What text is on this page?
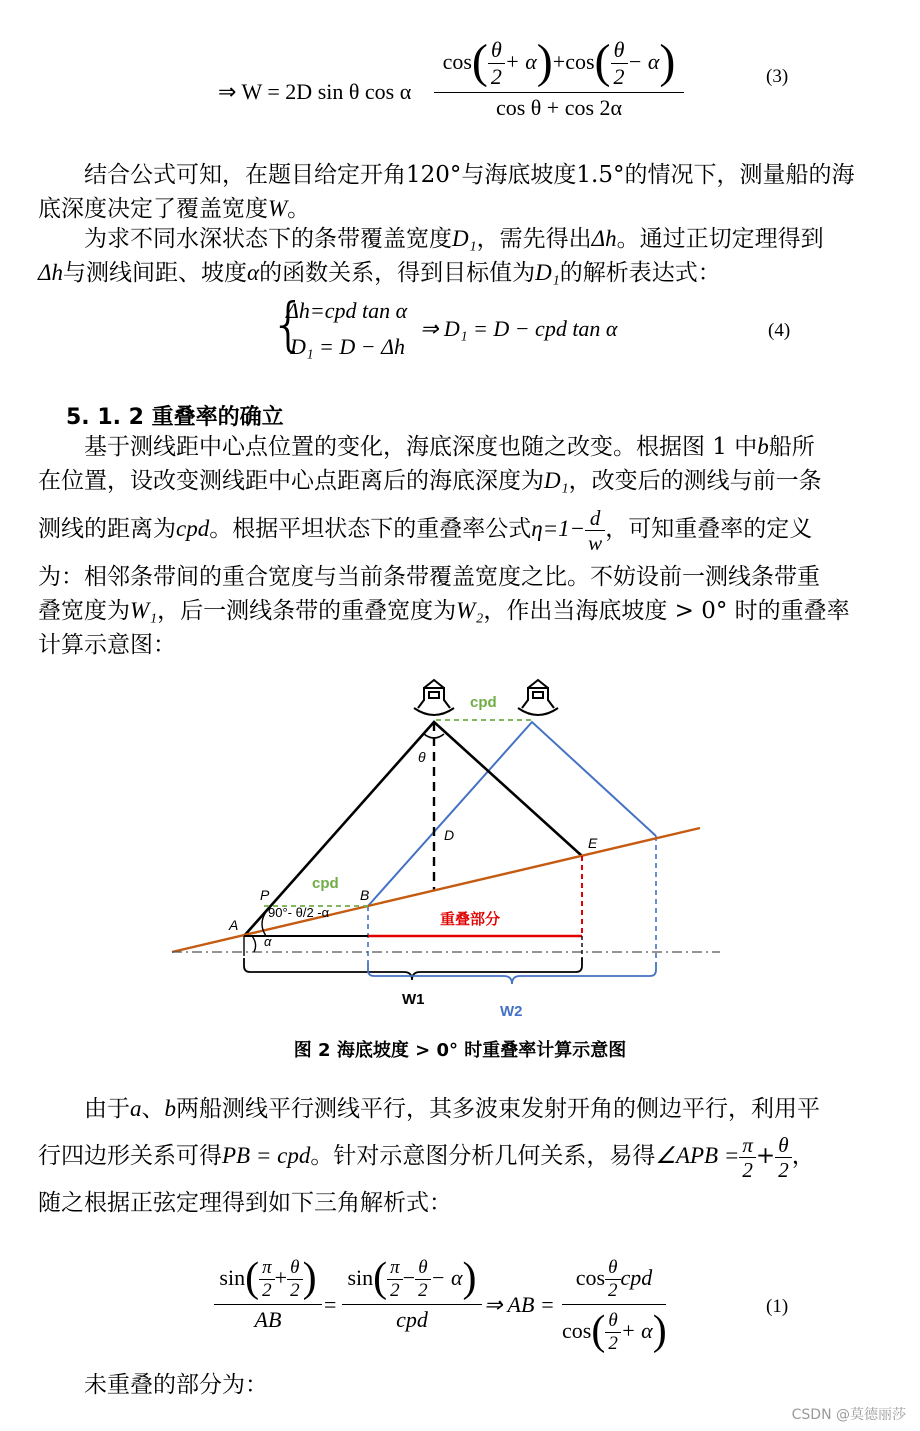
⇒ W = 2D sin θ cos α $\frac{\cos( \frac{\theta}{2} + \alpha)+\cos( \frac{\theta}{2} - \alpha)}{\text{cos θ + cos 2α}}$	(3)
结合公式可知，在题目给定开角120°与海底坡度1.5°的情况下，测量船的海
底深度决定了覆盖宽度W。
为求不同水深状态下的条带覆盖宽度D₁，需先得出Δh。通过正切定理得到
Δh与测线间距、坡度α的函数关系，得到目标值为D₁的解析表达式：
{
Δh=cpd tan α
D₁ = D − Δh
⇒ D₁ = D − cpd tan α	(4)
5. 1. 2 重叠率的确立
基于测线距中心点位置的变化，海底深度也随之改变。根据图 1 中b船所
在位置，设改变测线距中心点距离后的海底深度为D₁，改变后的测线与前一条
测线的距离为cpd。根据平坦状态下的重叠率公式$\eta=1- \frac{d}{w}$ ，可知重叠率的定义
为：相邻条带间的重合宽度与当前条带覆盖宽度之比。不妨设前一测线条带重
叠宽度为W₁，后一测线条带的重叠宽度为W₂，作出当海底坡度 > 0° 时的重叠率
计算示意图：
cpd
θ
D
重叠部分
cpd
E
P	B
A
90°- θ/2 -α
α
W1
W2
图 2 海底坡度 > 0° 时重叠率计算示意图
由于a、b两船测线平行测线平行，其多波束发射开角的侧边平行，利用平
行四边形关系可得PB = cpd。针对示意图分析几何关系，易得∠APB = $\frac{\pi}{2} + \frac{\theta}{2}$ ，
随之根据正弦定理得到如下三角解析式：
$\sin( \frac{\pi}{2} + \frac{\theta}{2}$ )
AB
=
$\sin( \frac{\pi}{2} - \frac{\theta}{2} - \alpha)$
cpd
⇒ AB =
$\cos \frac{\theta}{2}$ cpd
$\cos( \frac{\theta}{2} + \alpha)$
(1)
未重叠的部分为：
CSDN @莫德丽莎
